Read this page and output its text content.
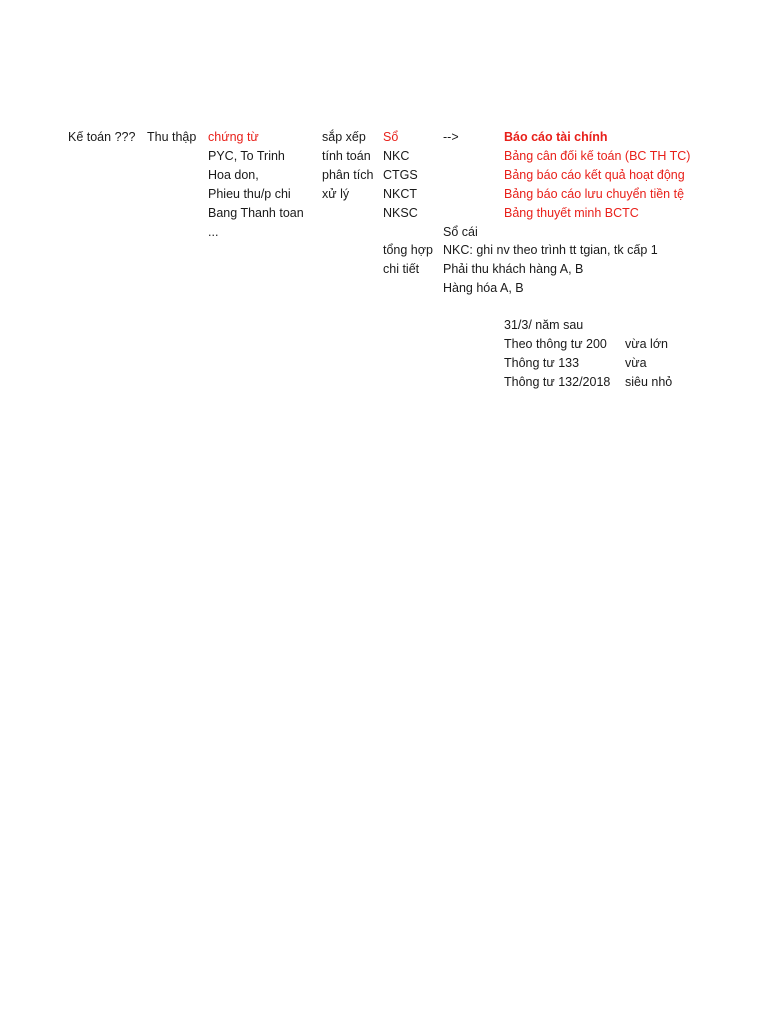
Kế toán ??? Thu thập chứng từ
PYC, To Trinh
Hoa don,
Phieu thu/p chi
Bang Thanh toan
...
sắp xếp
tính toán
phân tích
xử lý
Sổ
NKC
CTGS
NKCT
NKSC
tổng hợp
chi tiết
-->
Sổ cái
NKC: ghi nv theo trình tt tgian, tk cấp 1
Phải thu khách hàng A, B
Hàng hóa A, B
Báo cáo tài chính
Bảng cân đối kế toán (BC TH TC)
Bảng báo cáo kết quả hoạt động
Bảng báo cáo lưu chuyển tiền tệ
Bảng thuyết minh BCTC
31/3/ năm sau
Theo thông tư 200
Thông tư 133
Thông tư 132/2018
vừa lớn
vừa
siêu nhỏ
